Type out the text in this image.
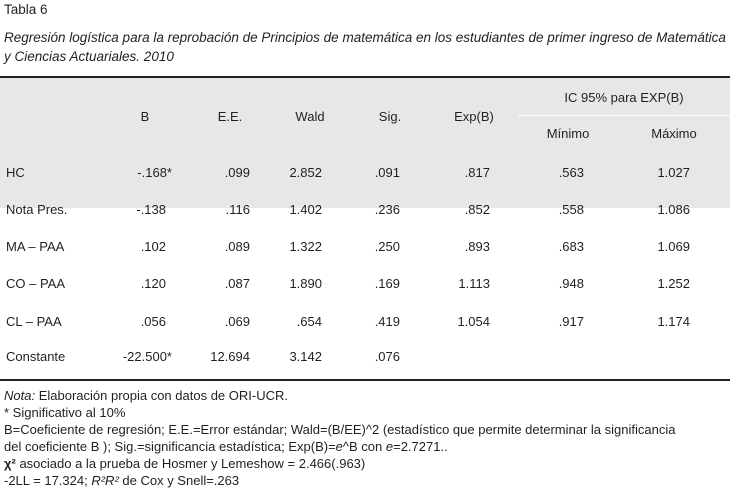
Tabla 6
Regresión logística para la reprobación de Principios de matemática en los estudiantes de primer ingreso de Matemática y Ciencias Actuariales. 2010
B	E.E.	Wald	Sig.	Exp(B)
IC 95% para EXP(B)
Mínimo	Máximo
HC	-.168*	.099	2.852	.091	.817	.563	1.027
Nota Pres.	-.138	.116	1.402	.236	.852	.558	1.086
MA – PAA	.102	.089	1.322	.250	.893	.683	1.069
CO – PAA	.120	.087	1.890	.169	1.113	.948	1.252
CL – PAA	.056	.069	.654	.419	1.054	.917	1.174
Constante	-22.500*	12.694	3.142	.076
Nota: Elaboración propia con datos de ORI-UCR.
* Significativo al 10%
B=Coeficiente de regresión; E.E.=Error estándar; Wald=(B/EE)^2 (estadístico que permite determinar la significancia
del coeficiente B ); Sig.=significancia estadística; Exp(B)=e^B con e=2.7271..
χ² asociado a la prueba de Hosmer y Lemeshow = 2.466(.963)
-2LL = 17.324; R²R² de Cox y Snell=.263
